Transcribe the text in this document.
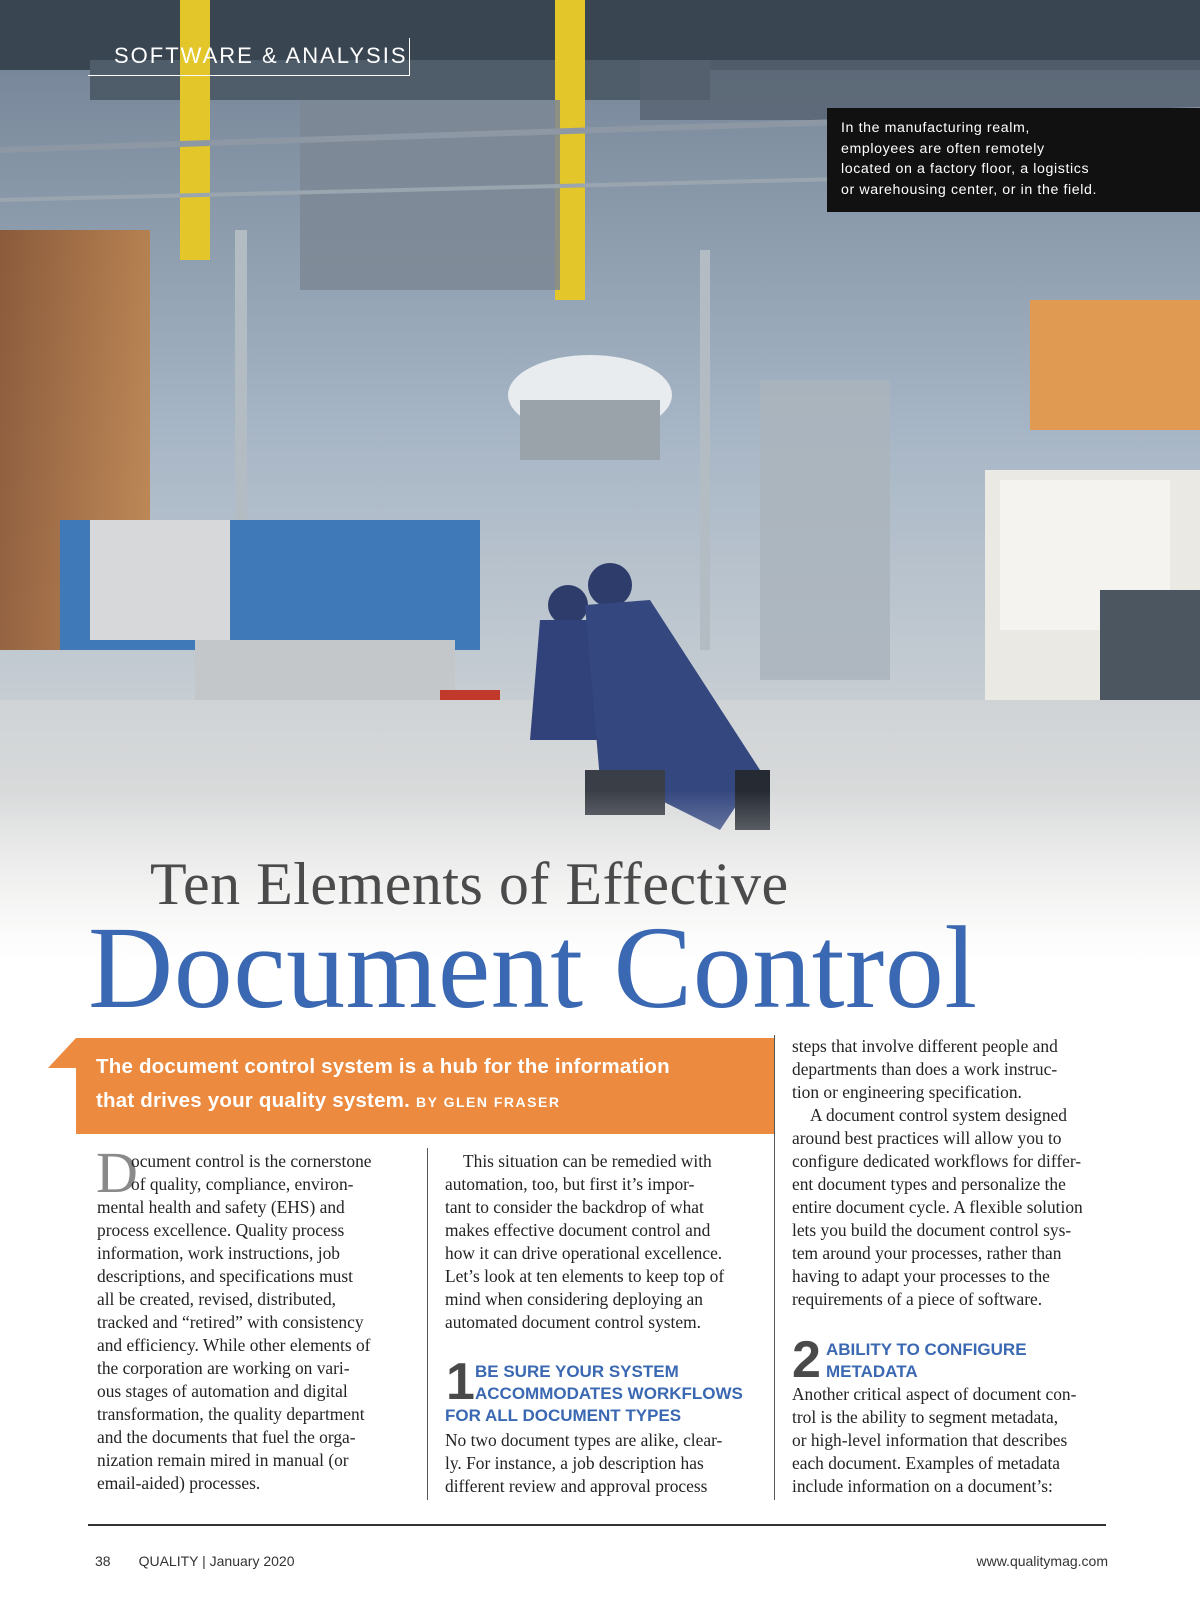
SOFTWARE & ANALYSIS
In the manufacturing realm,
employees are often remotely
located on a factory floor, a logistics
or warehousing center, or in the field.
Ten Elements of Effective
Document Control
The document control system is a hub for the information
that drives your quality system. BY GLEN FRASER
D
ocument control is the cornerstone
of quality, compliance, environ-
mental health and safety (EHS) and
process excellence. Quality process
information, work instructions, job
descriptions, and specifications must
all be created, revised, distributed,
tracked and “retired” with consistency
and efficiency. While other elements of
the corporation are working on vari-
ous stages of automation and digital
transformation, the quality department
and the documents that fuel the orga-
nization remain mired in manual (or
email-aided) processes.
This situation can be remedied with
automation, too, but first it’s impor-
tant to consider the backdrop of what
makes effective document control and
how it can drive operational excellence.
Let’s look at ten elements to keep top of
mind when considering deploying an
automated document control system.
1 BE SURE YOUR SYSTEM
ACCOMMODATES WORKFLOWS
FOR ALL DOCUMENT TYPES
No two document types are alike, clear-
ly. For instance, a job description has
different review and approval process
steps that involve different people and
departments than does a work instruc-
tion or engineering specification.
A document control system designed
around best practices will allow you to
configure dedicated workflows for differ-
ent document types and personalize the
entire document cycle. A flexible solution
lets you build the document control sys-
tem around your processes, rather than
having to adapt your processes to the
requirements of a piece of software.
2 ABILITY TO CONFIGURE
METADATA
Another critical aspect of document con-
trol is the ability to segment metadata,
or high-level information that describes
each document. Examples of metadata
include information on a document’s:
38 QUALITY | January 2020	www.qualitymag.com
